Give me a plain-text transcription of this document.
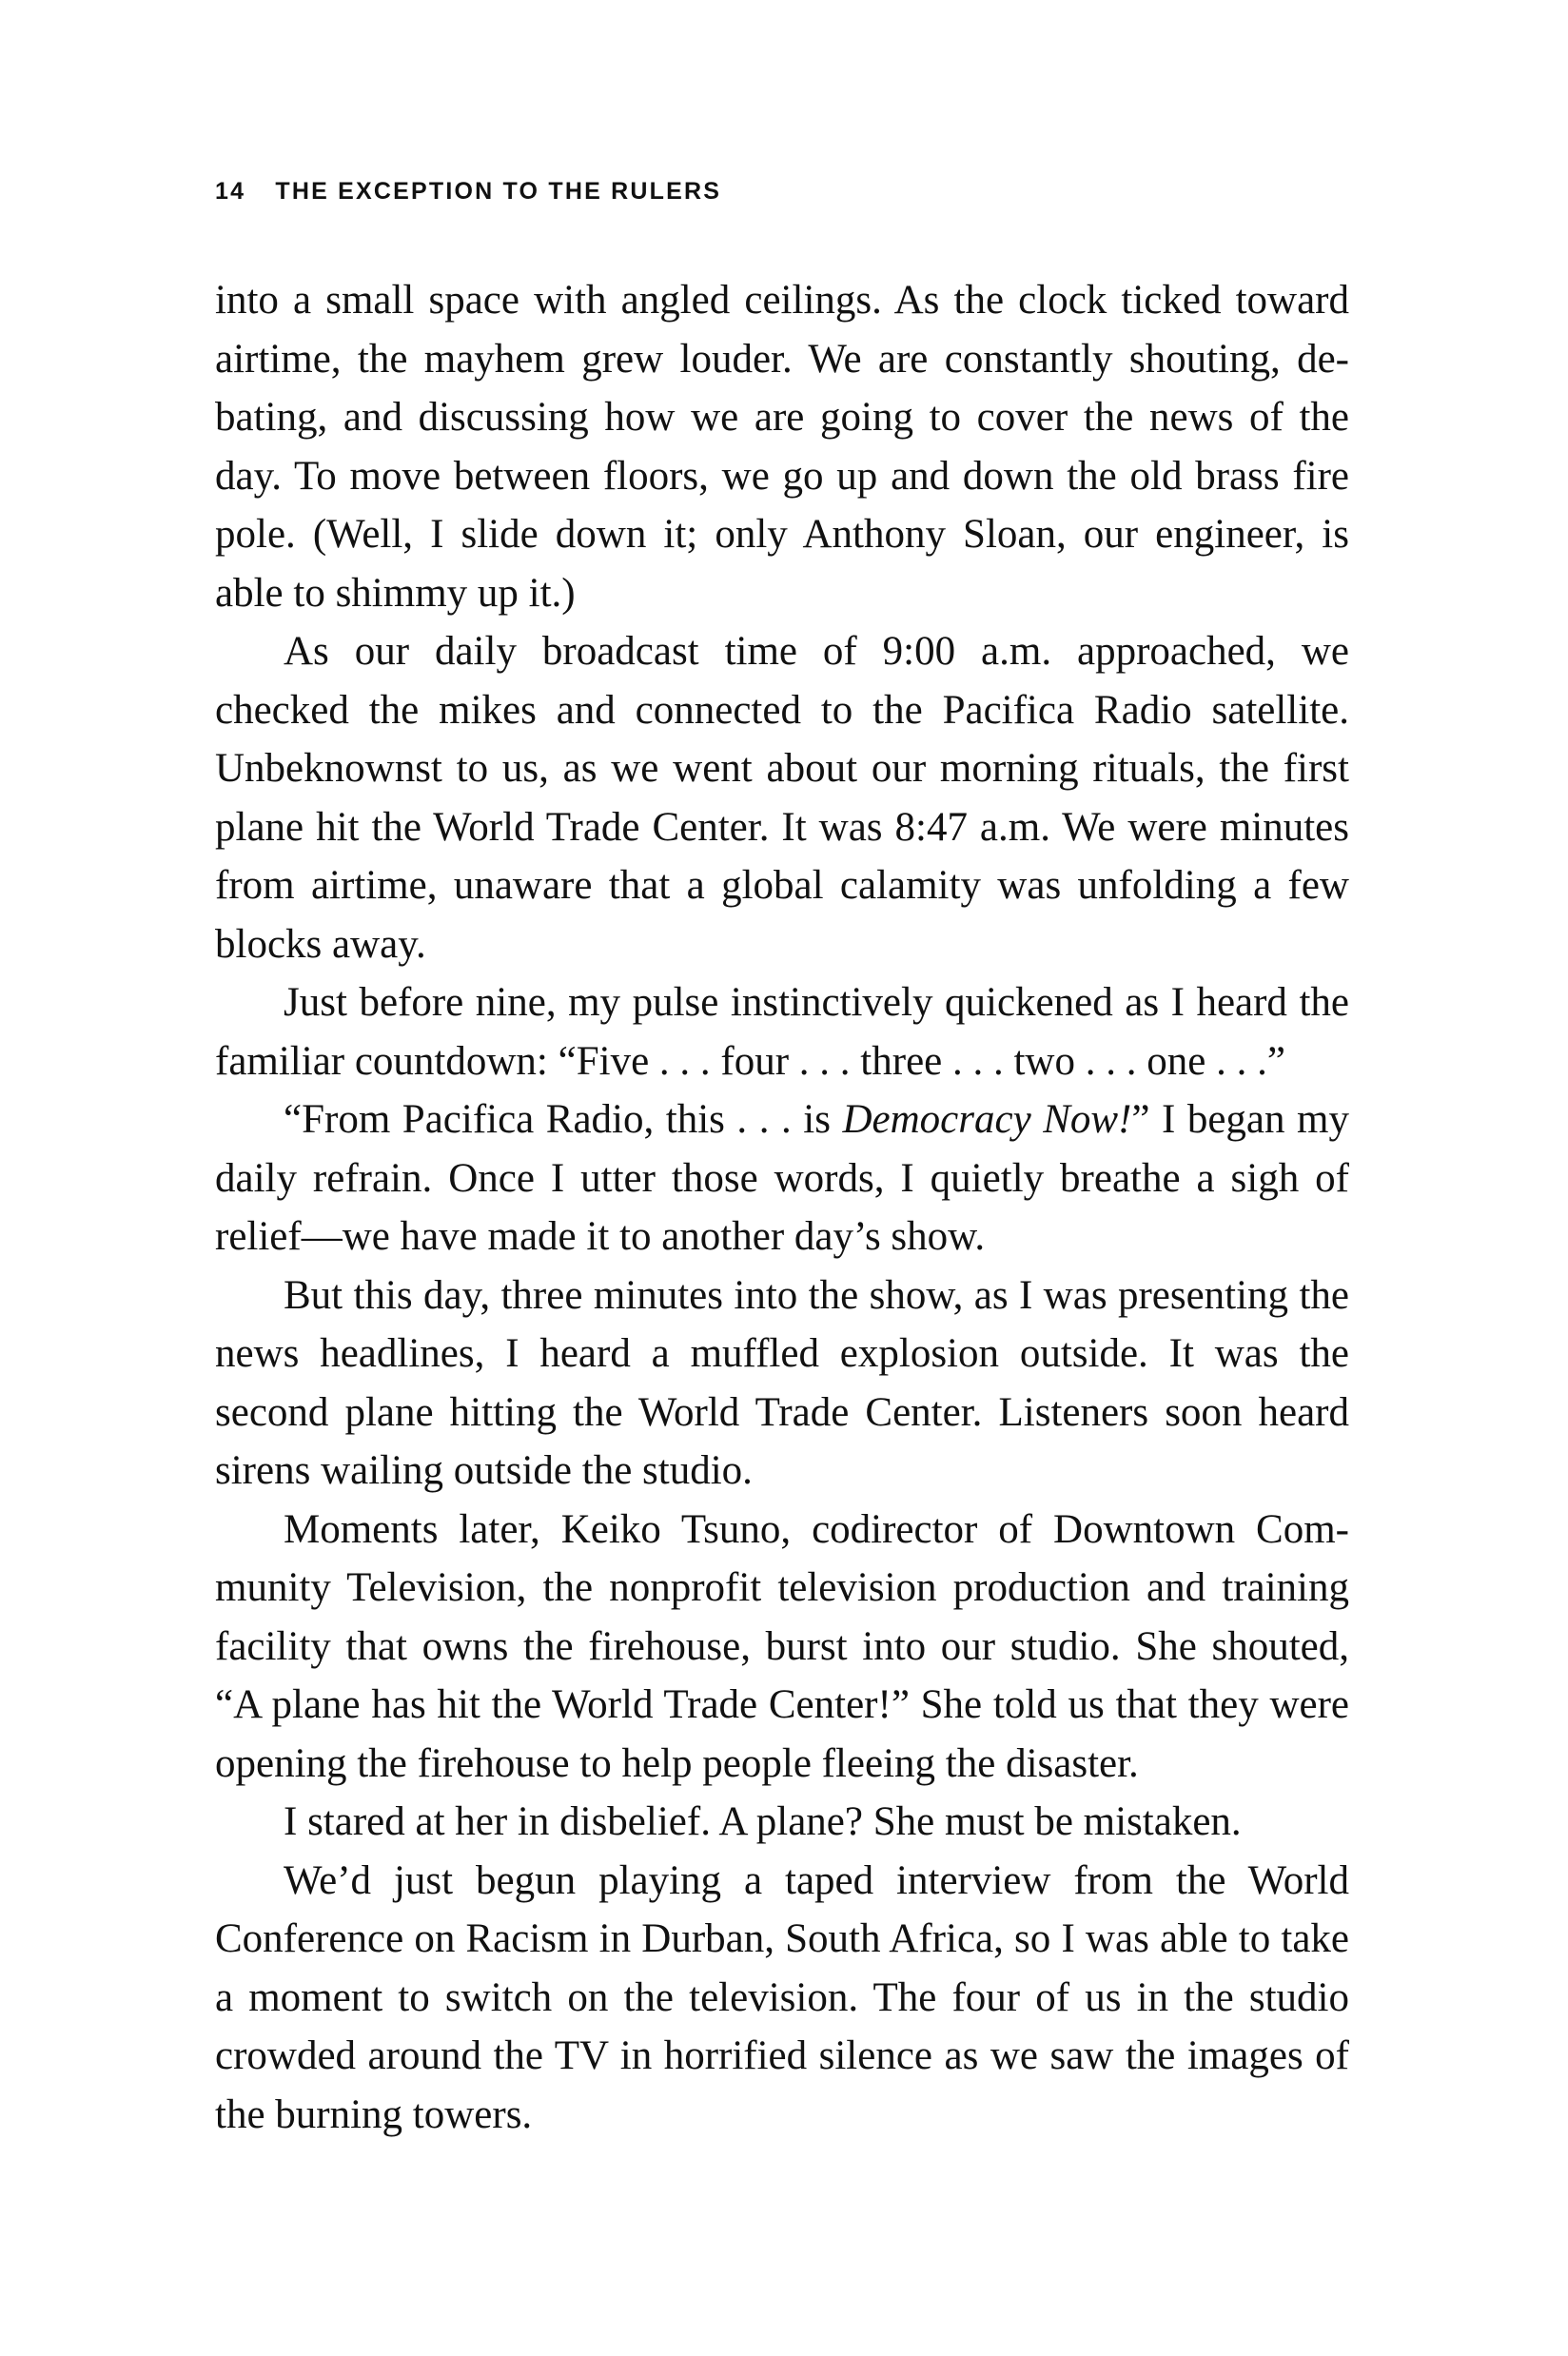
14 THE EXCEPTION TO THE RULERS

into a small space with angled ceilings. As the clock ticked toward airtime, the mayhem grew louder. We are constantly shouting, debating, and discussing how we are going to cover the news of the day. To move between floors, we go up and down the old brass fire pole. (Well, I slide down it; only Anthony Sloan, our engineer, is able to shimmy up it.)

As our daily broadcast time of 9:00 a.m. approached, we checked the mikes and connected to the Pacifica Radio satellite. Unbeknownst to us, as we went about our morning rituals, the first plane hit the World Trade Center. It was 8:47 a.m. We were minutes from airtime, unaware that a global calamity was unfolding a few blocks away.

Just before nine, my pulse instinctively quickened as I heard the familiar countdown: “Five . . . four . . . three . . . two . . . one . . .”

“From Pacifica Radio, this . . . is Democracy Now!” I began my daily refrain. Once I utter those words, I quietly breathe a sigh of relief—we have made it to another day’s show.

But this day, three minutes into the show, as I was presenting the news headlines, I heard a muffled explosion outside. It was the second plane hitting the World Trade Center. Listeners soon heard sirens wailing outside the studio.

Moments later, Keiko Tsuno, codirector of Downtown Community Television, the nonprofit television production and training facility that owns the firehouse, burst into our studio. She shouted, “A plane has hit the World Trade Center!” She told us that they were opening the firehouse to help people fleeing the disaster.

I stared at her in disbelief. A plane? She must be mistaken.

We’d just begun playing a taped interview from the World Conference on Racism in Durban, South Africa, so I was able to take a moment to switch on the television. The four of us in the studio crowded around the TV in horrified silence as we saw the images of the burning towers.
